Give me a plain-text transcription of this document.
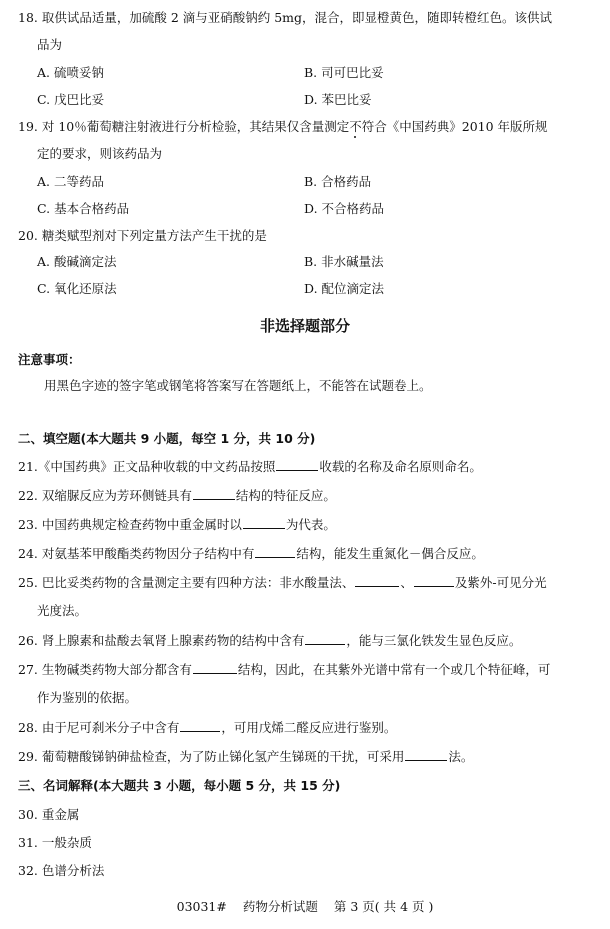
18. 取供试品适量，加硫酸 2 滴与亚硝酸钠约 5mg，混合，即显橙黄色，随即转橙红色。该供试
品为
A. 硫喷妥钠	B. 司可巴比妥
C. 戊巴比妥	D. 苯巴比妥
19. 对 10％葡萄糖注射液进行分析检验，其结果仅含量测定不符合《中国药典》2010 年版所规
定的要求，则该药品为
A. 二等药品	B. 合格药品
C. 基本合格药品	D. 不合格药品
20. 糖类赋型剂对下列定量方法产生干扰的是
A. 酸碱滴定法	B. 非水碱量法
C. 氧化还原法	D. 配位滴定法
非选择题部分
注意事项：
用黑色字迹的签字笔或钢笔将答案写在答题纸上，不能答在试题卷上。
二、填空题(本大题共 9 小题，每空 1 分，共 10 分)
21.《中国药典》正文品种收载的中文药品按照	收载的名称及命名原则命名。
22. 双缩脲反应为芳环侧链具有	结构的特征反应。
23. 中国药典规定检查药物中重金属时以	为代表。
24. 对氨基苯甲酸酯类药物因分子结构中有	结构，能发生重氮化－偶合反应。
25. 巴比妥类药物的含量测定主要有四种方法：非水酸量法、	、	及紫外-可见分光
光度法。
26. 肾上腺素和盐酸去氧肾上腺素药物的结构中含有	，能与三氯化铁发生显色反应。
27. 生物碱类药物大部分都含有	结构，因此，在其紫外光谱中常有一个或几个特征峰，可
作为鉴别的依据。
28. 由于尼可刹米分子中含有	，可用戊烯二醛反应进行鉴别。
29. 葡萄糖酸锑钠砷盐检查，为了防止锑化氢产生锑斑的干扰，可采用	法。
三、名词解释(本大题共 3 小题，每小题 5 分，共 15 分)
30. 重金属
31. 一般杂质
32. 色谱分析法
03031# 药物分析试题 第 3 页( 共 4 页 )
